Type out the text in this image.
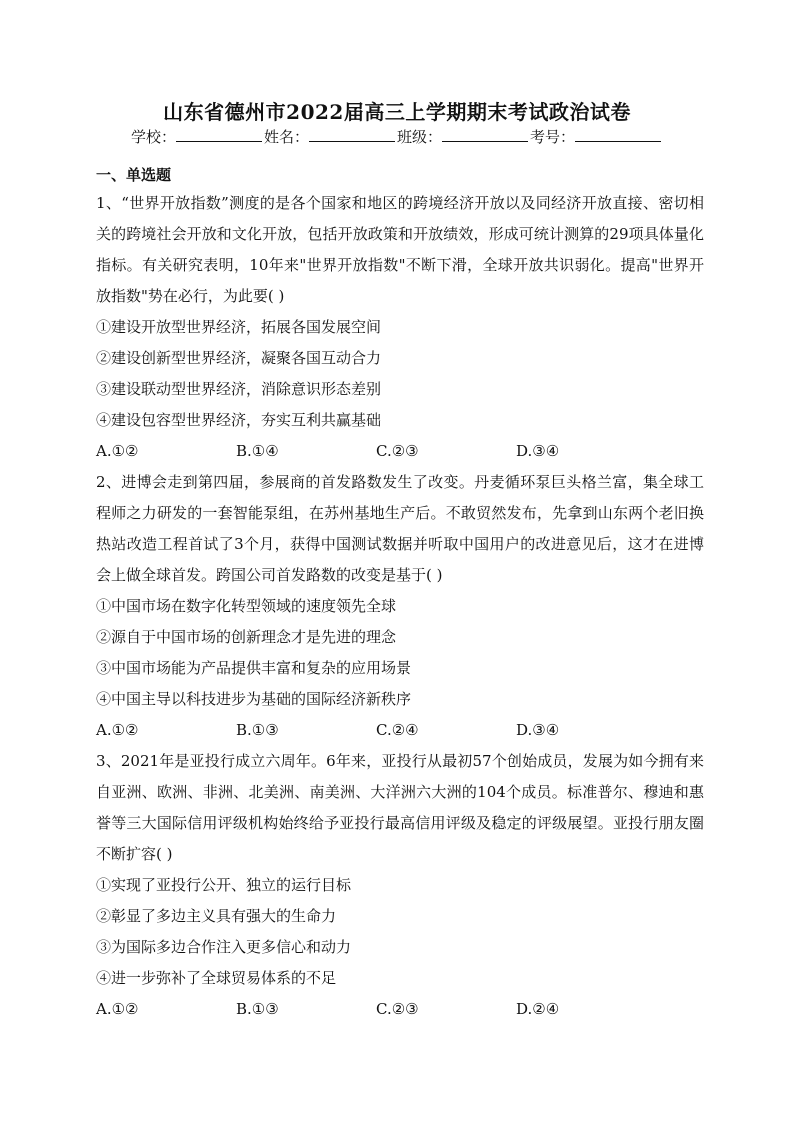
山东省德州市2022届高三上学期期末考试政治试卷
学校：	姓名：	班级：	考号：
一、单选题
1、“世界开放指数”测度的是各个国家和地区的跨境经济开放以及同经济开放直接、密切相关的跨境社会开放和文化开放，包括开放政策和开放绩效，形成可统计测算的29项具体量化指标。有关研究表明，10年来"世界开放指数"不断下滑，全球开放共识弱化。提高"世界开放指数"势在必行，为此要( )
①建设开放型世界经济，拓展各国发展空间
②建设创新型世界经济，凝聚各国互动合力
③建设联动型世界经济，消除意识形态差别
④建设包容型世界经济，夯实互利共赢基础
A.①②	B.①④	C.②③	D.③④
2、进博会走到第四届，参展商的首发路数发生了改变。丹麦循环泵巨头格兰富，集全球工程师之力研发的一套智能泵组，在苏州基地生产后。不敢贸然发布，先拿到山东两个老旧换热站改造工程首试了3个月，获得中国测试数据并听取中国用户的改进意见后，这才在进博会上做全球首发。跨国公司首发路数的改变是基于( )
①中国市场在数字化转型领域的速度领先全球
②源自于中国市场的创新理念才是先进的理念
③中国市场能为产品提供丰富和复杂的应用场景
④中国主导以科技进步为基础的国际经济新秩序
A.①②	B.①③	C.②④	D.③④
3、2021年是亚投行成立六周年。6年来，亚投行从最初57个创始成员，发展为如今拥有来自亚洲、欧洲、非洲、北美洲、南美洲、大洋洲六大洲的104个成员。标准普尔、穆迪和惠誉等三大国际信用评级机构始终给予亚投行最高信用评级及稳定的评级展望。亚投行朋友圈不断扩容( )
①实现了亚投行公开、独立的运行目标
②彰显了多边主义具有强大的生命力
③为国际多边合作注入更多信心和动力
④进一步弥补了全球贸易体系的不足
A.①②	B.①③	C.②③	D.②④
